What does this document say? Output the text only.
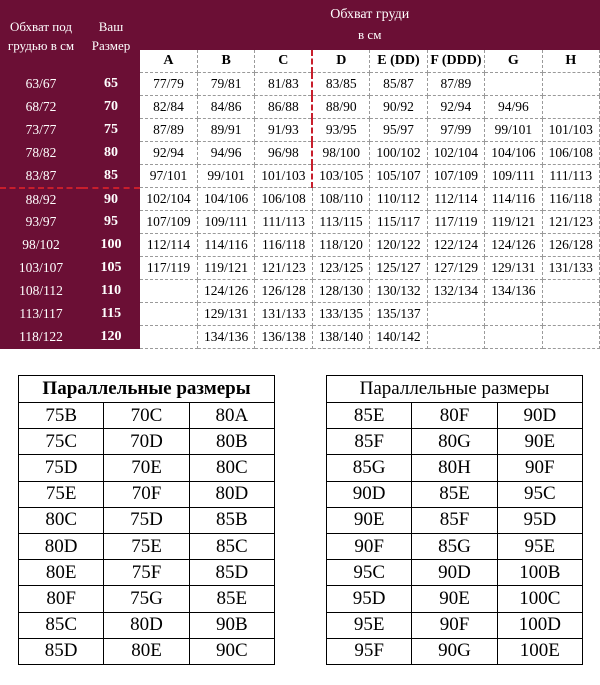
Обхват под грудью в см	Ваш Размер	Обхват груди
в см							

		A	B	C	D	E (DD)	F (DDD)	G	H
63/67	65	77/79	79/81	81/83	83/85	85/87	87/89		
68/72	70	82/84	84/86	86/88	88/90	90/92	92/94	94/96	
73/77	75	87/89	89/91	91/93	93/95	95/97	97/99	99/101	101/103
78/82	80	92/94	94/96	96/98	98/100	100/102	102/104	104/106	106/108
83/87	85	97/101	99/101	101/103	103/105	105/107	107/109	109/111	111/113
88/92	90	102/104	104/106	106/108	108/110	110/112	112/114	114/116	116/118
93/97	95	107/109	109/111	111/113	113/115	115/117	117/119	119/121	121/123
98/102	100	112/114	114/116	116/118	118/120	120/122	122/124	124/126	126/128
103/107	105	117/119	119/121	121/123	123/125	125/127	127/129	129/131	131/133
108/112	110		124/126	126/128	128/130	130/132	132/134	134/136	
113/117	115		129/131	131/133	133/135	135/137			
118/122	120		134/136	136/138	138/140	140/142			
Параллельные размеры		
75B	70C	80A
75C	70D	80B
75D	70E	80C
75E	70F	80D
80C	75D	85B
80D	75E	85C
80E	75F	85D
80F	75G	85E
85C	80D	90B
85D	80E	90C
Параллельные размеры		
85E	80F	90D
85F	80G	90E
85G	80H	90F
90D	85E	95C
90E	85F	95D
90F	85G	95E
95C	90D	100B
95D	90E	100C
95E	90F	100D
95F	90G	100E
